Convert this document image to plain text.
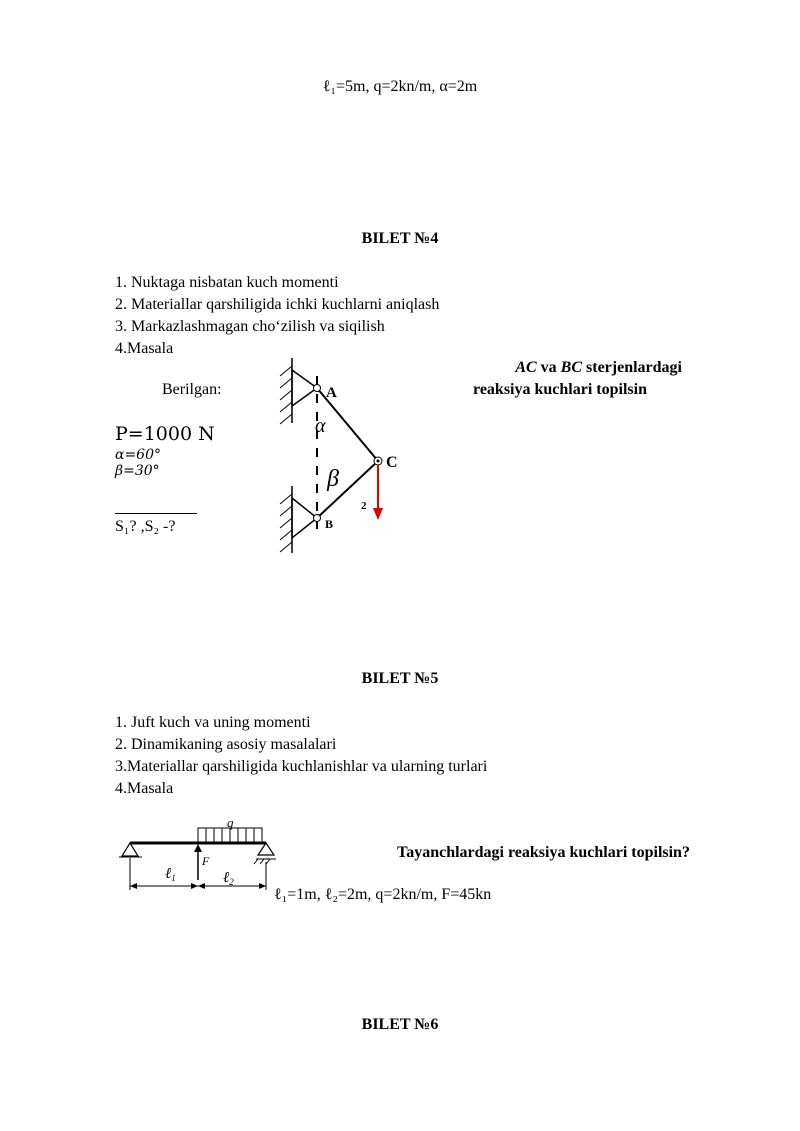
ℓ₁=5m, q=2kn/m, α=2m
BILET №4
1. Nuktaga nisbatan kuch momenti
2. Materiallar qarshiligida ichki kuchlarni aniqlash
3. Markazlashmagan cho‘zilish va siqilish
4.Masala
Berilgan:
P=1000 N
α=60°
β=30°
S₁? ,S₂ -?
AC va BC sterjenlardagi
reaksiya kuchlari topilsin
A
C
B
α
β
2
BILET №5
1. Juft kuch va uning momenti
2. Dinamikaning asosiy masalalari
3.Materiallar qarshiligida kuchlanishlar va ularning turlari
4.Masala
q
F
ℓ$_1$	ℓ$_2$
Tayanchlardagi reaksiya kuchlari topilsin?
ℓ₁=1m, ℓ₂=2m, q=2kn/m, F=45kn
BILET №6
